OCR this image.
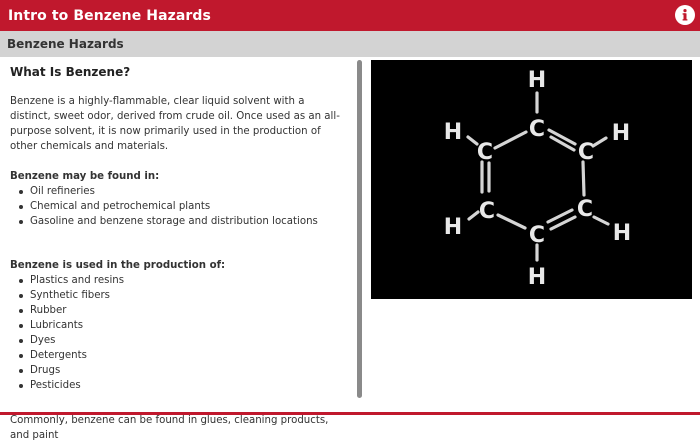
Intro to Benzene Hazards
Benzene Hazards
What Is Benzene?

Benzene is a highly-flammable, clear liquid solvent with a distinct, sweet odor, derived from crude oil. Once used as an all-purpose solvent, it is now primarily used in the production of other chemicals and materials.

Benzene may be found in:

Oil refineries
Chemical and petrochemical plants
Gasoline and benzene storage and distribution locations

Benzene is used in the production of:

Plastics and resins
Synthetic fibers
Rubber
Lubricants
Dyes
Detergents
Drugs
Pesticides

Commonly, benzene can be found in glues, cleaning products, and paint

H
C
H
C	C
H
H
C	C
H
C
H
